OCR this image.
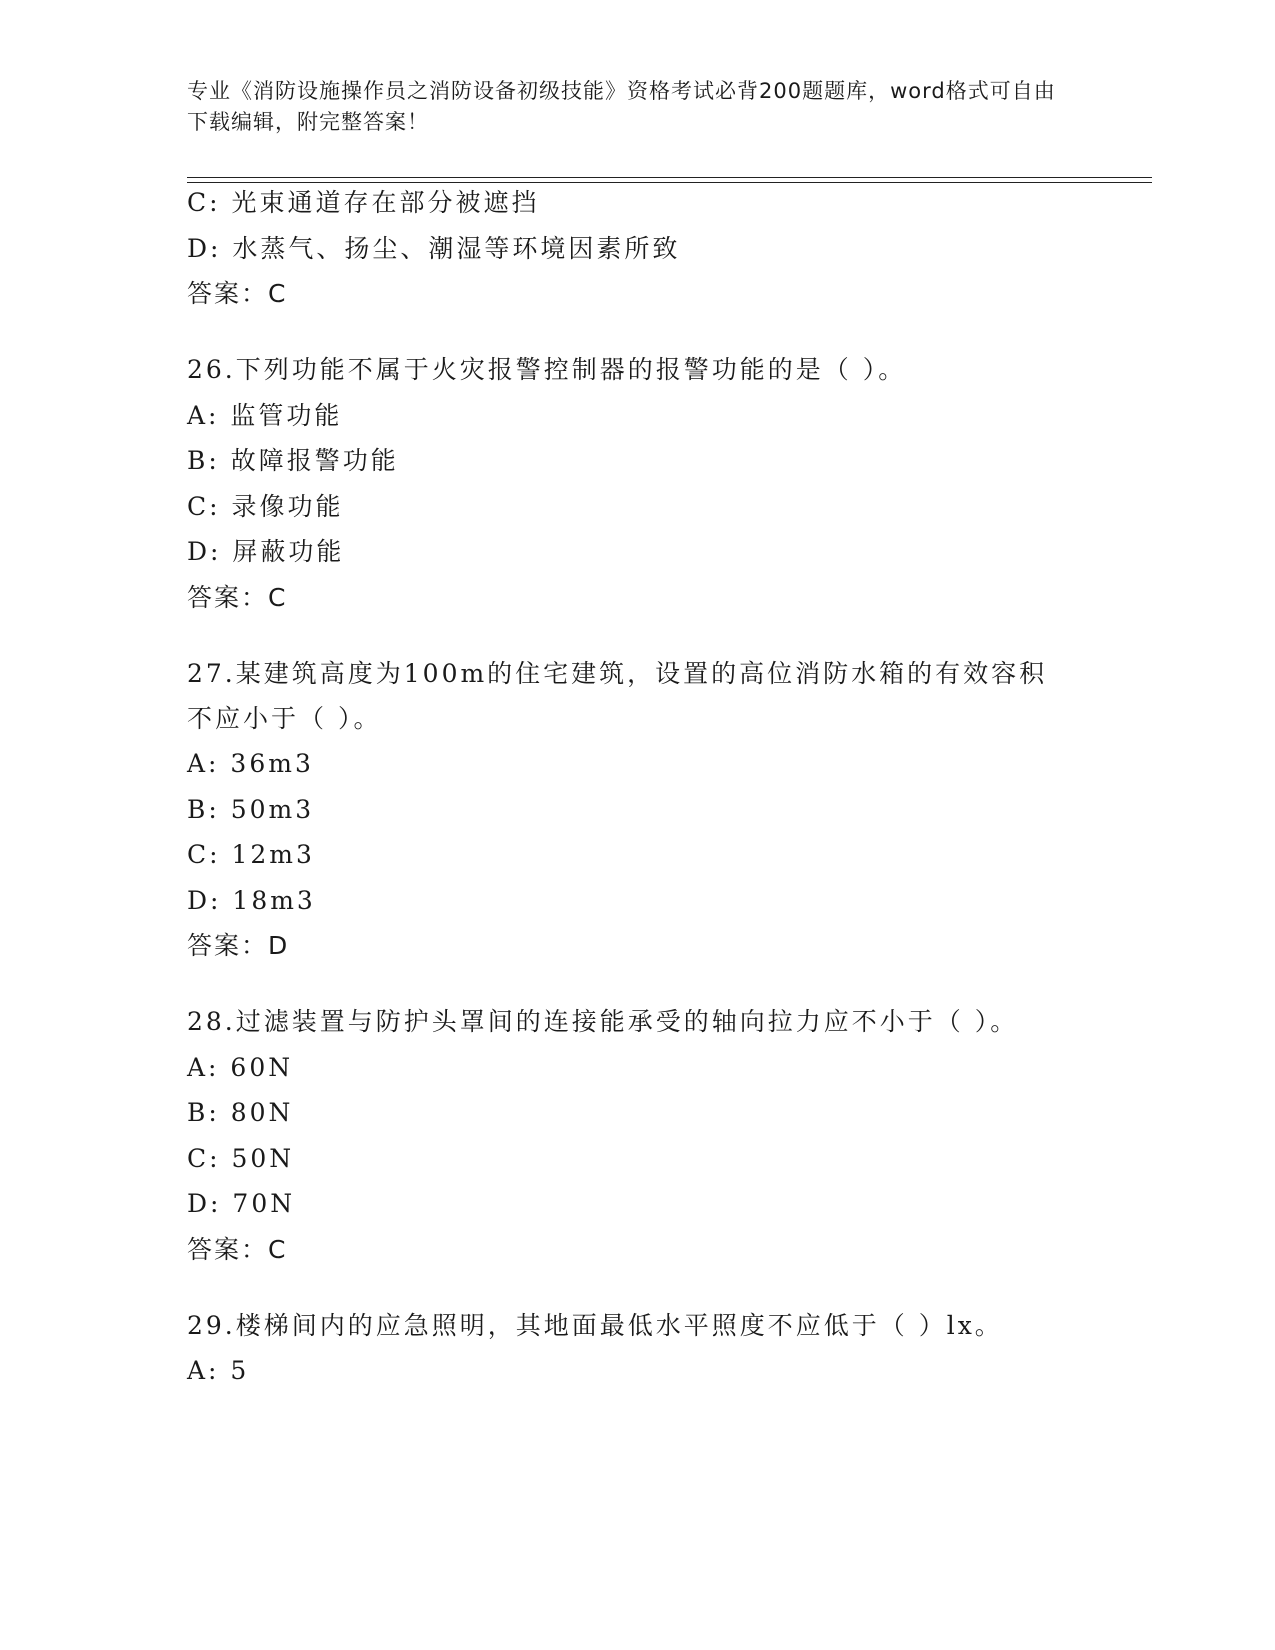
专业《消防设施操作员之消防设备初级技能》资格考试必背200题题库，word格式可自由下载编辑，附完整答案！
C: 光束通道存在部分被遮挡
D: 水蒸气、扬尘、潮湿等环境因素所致
答案：C
26.下列功能不属于火灾报警控制器的报警功能的是（ ）。
A: 监管功能
B: 故障报警功能
C: 录像功能
D: 屏蔽功能
答案：C
27.某建筑高度为100m的住宅建筑，设置的高位消防水箱的有效容积不应小于（ ）。
A: 36m3
B: 50m3
C: 12m3
D: 18m3
答案：D
28.过滤装置与防护头罩间的连接能承受的轴向拉力应不小于（ ）。
A: 60N
B: 80N
C: 50N
D: 70N
答案：C
29.楼梯间内的应急照明，其地面最低水平照度不应低于（ ）lx。
A: 5
